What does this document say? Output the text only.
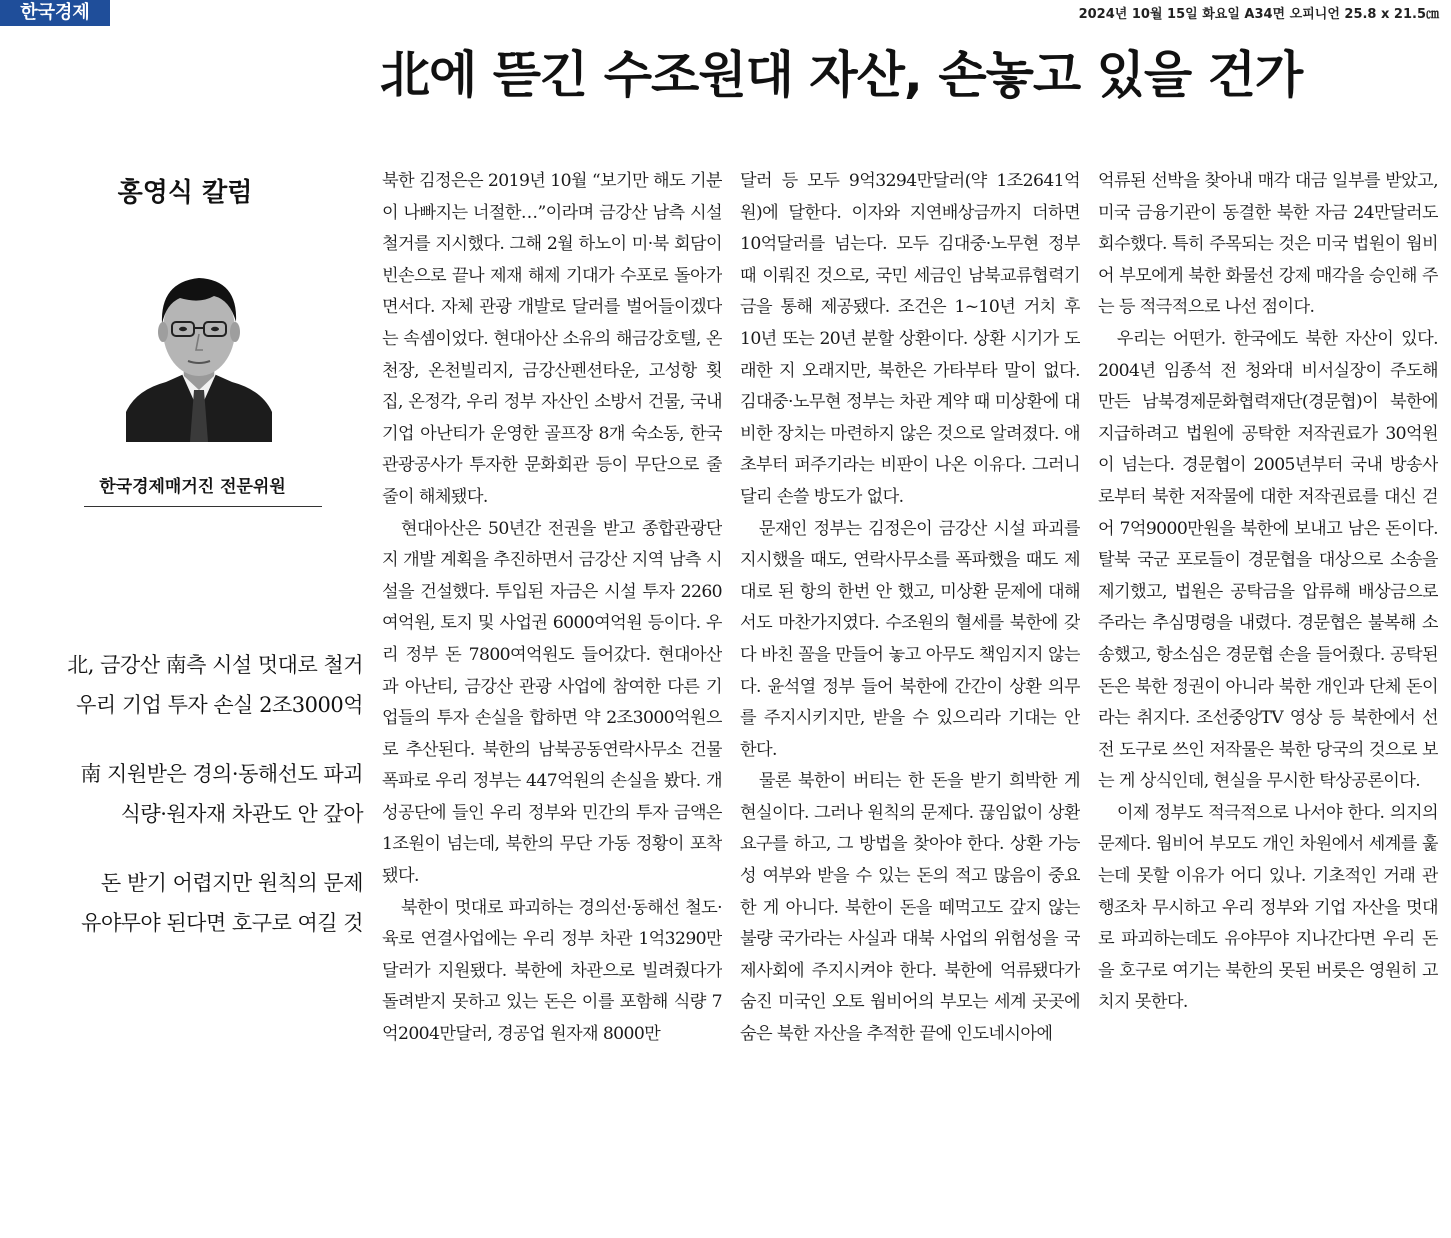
한국경제	2024년 10월 15일 화요일 A34면 오피니언 25.8 x 21.5㎝
北에 뜯긴 수조원대 자산, 손놓고 있을 건가
홍영식 칼럼
한국경제매거진 전문위원
北, 금강산 南측 시설 멋대로 철거
우리 기업 투자 손실 2조3000억
南 지원받은 경의·동해선도 파괴
식량·원자재 차관도 안 갚아
돈 받기 어렵지만 원칙의 문제
유야무야 된다면 호구로 여길 것

북한 김정은은 2019년 10월 “보기만 해도 기분이 나빠지는 너절한…”이라며 금강산 남측 시설 철거를 지시했다. 그해 2월 하노이 미·북 회담이 빈손으로 끝나 제재 해제 기대가 수포로 돌아가면서다. 자체 관광 개발로 달러를 벌어들이겠다는 속셈이었다. 현대아산 소유의 해금강호텔, 온천장, 온천빌리지, 금강산펜션타운, 고성항 횟집, 온정각, 우리 정부 자산인 소방서 건물, 국내 기업 아난티가 운영한 골프장 8개 숙소동, 한국관광공사가 투자한 문화회관 등이 무단으로 줄줄이 해체됐다.

현대아산은 50년간 전권을 받고 종합관광단지 개발 계획을 추진하면서 금강산 지역 남측 시설을 건설했다. 투입된 자금은 시설 투자 2260여억원, 토지 및 사업권 6000여억원 등이다. 우리 정부 돈 7800여억원도 들어갔다. 현대아산과 아난티, 금강산 관광 사업에 참여한 다른 기업들의 투자 손실을 합하면 약 2조3000억원으로 추산된다. 북한의 남북공동연락사무소 건물 폭파로 우리 정부는 447억원의 손실을 봤다. 개성공단에 들인 우리 정부와 민간의 투자 금액은 1조원이 넘는데, 북한의 무단 가동 정황이 포착됐다.

북한이 멋대로 파괴하는 경의선·동해선 철도·육로 연결사업에는 우리 정부 차관 1억3290만달러가 지원됐다. 북한에 차관으로 빌려줬다가 돌려받지 못하고 있는 돈은 이를 포함해 식량 7억2004만달러, 경공업 원자재 8000만

달러 등 모두 9억3294만달러(약 1조2641억원)에 달한다. 이자와 지연배상금까지 더하면 10억달러를 넘는다. 모두 김대중·노무현 정부 때 이뤄진 것으로, 국민 세금인 남북교류협력기금을 통해 제공됐다. 조건은 1~10년 거치 후 10년 또는 20년 분할 상환이다. 상환 시기가 도래한 지 오래지만, 북한은 가타부타 말이 없다. 김대중·노무현 정부는 차관 계약 때 미상환에 대비한 장치는 마련하지 않은 것으로 알려졌다. 애초부터 퍼주기라는 비판이 나온 이유다. 그러니 달리 손쓸 방도가 없다.

문재인 정부는 김정은이 금강산 시설 파괴를 지시했을 때도, 연락사무소를 폭파했을 때도 제대로 된 항의 한번 안 했고, 미상환 문제에 대해서도 마찬가지였다. 수조원의 혈세를 북한에 갖다 바친 꼴을 만들어 놓고 아무도 책임지지 않는다. 윤석열 정부 들어 북한에 간간이 상환 의무를 주지시키지만, 받을 수 있으리라 기대는 안 한다.

물론 북한이 버티는 한 돈을 받기 희박한 게 현실이다. 그러나 원칙의 문제다. 끊임없이 상환 요구를 하고, 그 방법을 찾아야 한다. 상환 가능성 여부와 받을 수 있는 돈의 적고 많음이 중요한 게 아니다. 북한이 돈을 떼먹고도 갚지 않는 불량 국가라는 사실과 대북 사업의 위험성을 국제사회에 주지시켜야 한다. 북한에 억류됐다가 숨진 미국인 오토 웜비어의 부모는 세계 곳곳에 숨은 북한 자산을 추적한 끝에 인도네시아에

억류된 선박을 찾아내 매각 대금 일부를 받았고, 미국 금융기관이 동결한 북한 자금 24만달러도 회수했다. 특히 주목되는 것은 미국 법원이 웜비어 부모에게 북한 화물선 강제 매각을 승인해 주는 등 적극적으로 나선 점이다.

우리는 어떤가. 한국에도 북한 자산이 있다. 2004년 임종석 전 청와대 비서실장이 주도해 만든 남북경제문화협력재단(경문협)이 북한에 지급하려고 법원에 공탁한 저작권료가 30억원이 넘는다. 경문협이 2005년부터 국내 방송사로부터 북한 저작물에 대한 저작권료를 대신 걷어 7억9000만원을 북한에 보내고 남은 돈이다. 탈북 국군 포로들이 경문협을 대상으로 소송을 제기했고, 법원은 공탁금을 압류해 배상금으로 주라는 추심명령을 내렸다. 경문협은 불복해 소송했고, 항소심은 경문협 손을 들어줬다. 공탁된 돈은 북한 정권이 아니라 북한 개인과 단체 돈이라는 취지다. 조선중앙TV 영상 등 북한에서 선전 도구로 쓰인 저작물은 북한 당국의 것으로 보는 게 상식인데, 현실을 무시한 탁상공론이다.

이제 정부도 적극적으로 나서야 한다. 의지의 문제다. 웜비어 부모도 개인 차원에서 세계를 훑는데 못할 이유가 어디 있나. 기초적인 거래 관행조차 무시하고 우리 정부와 기업 자산을 멋대로 파괴하는데도 유야무야 지나간다면 우리 돈을 호구로 여기는 북한의 못된 버릇은 영원히 고치지 못한다.
